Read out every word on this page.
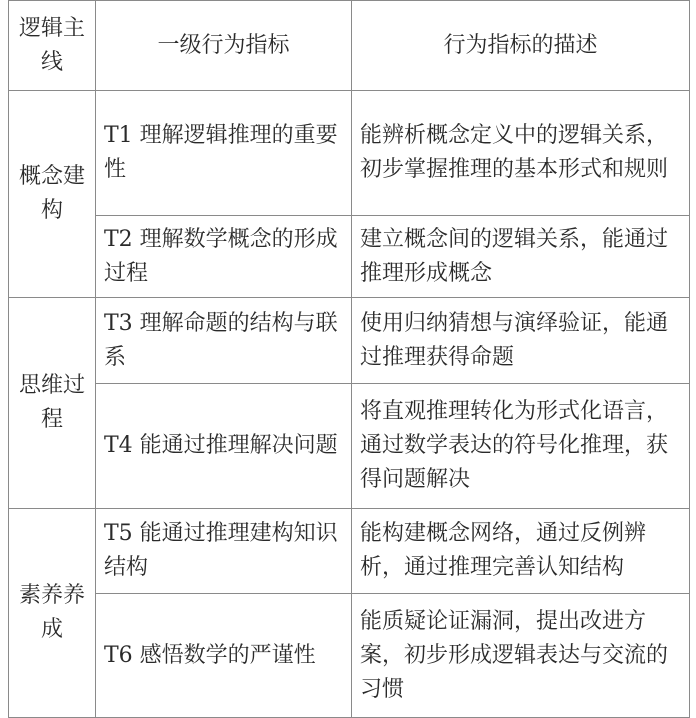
逻辑主线	一级行为指标	行为指标的描述
概念建构	T1 理解逻辑推理的重要性	能辨析概念定义中的逻辑关系，初步掌握推理的基本形式和规则
	T2 理解数学概念的形成过程	建立概念间的逻辑关系，能通过推理形成概念
思维过程	T3 理解命题的结构与联系	使用归纳猜想与演绎验证，能通过推理获得命题
	T4 能通过推理解决问题	将直观推理转化为形式化语言，通过数学表达的符号化推理，获得问题解决
素养养成	T5 能通过推理建构知识结构	能构建概念网络，通过反例辨析，通过推理完善认知结构
	T6 感悟数学的严谨性	能质疑论证漏洞，提出改进方案，初步形成逻辑表达与交流的习惯
